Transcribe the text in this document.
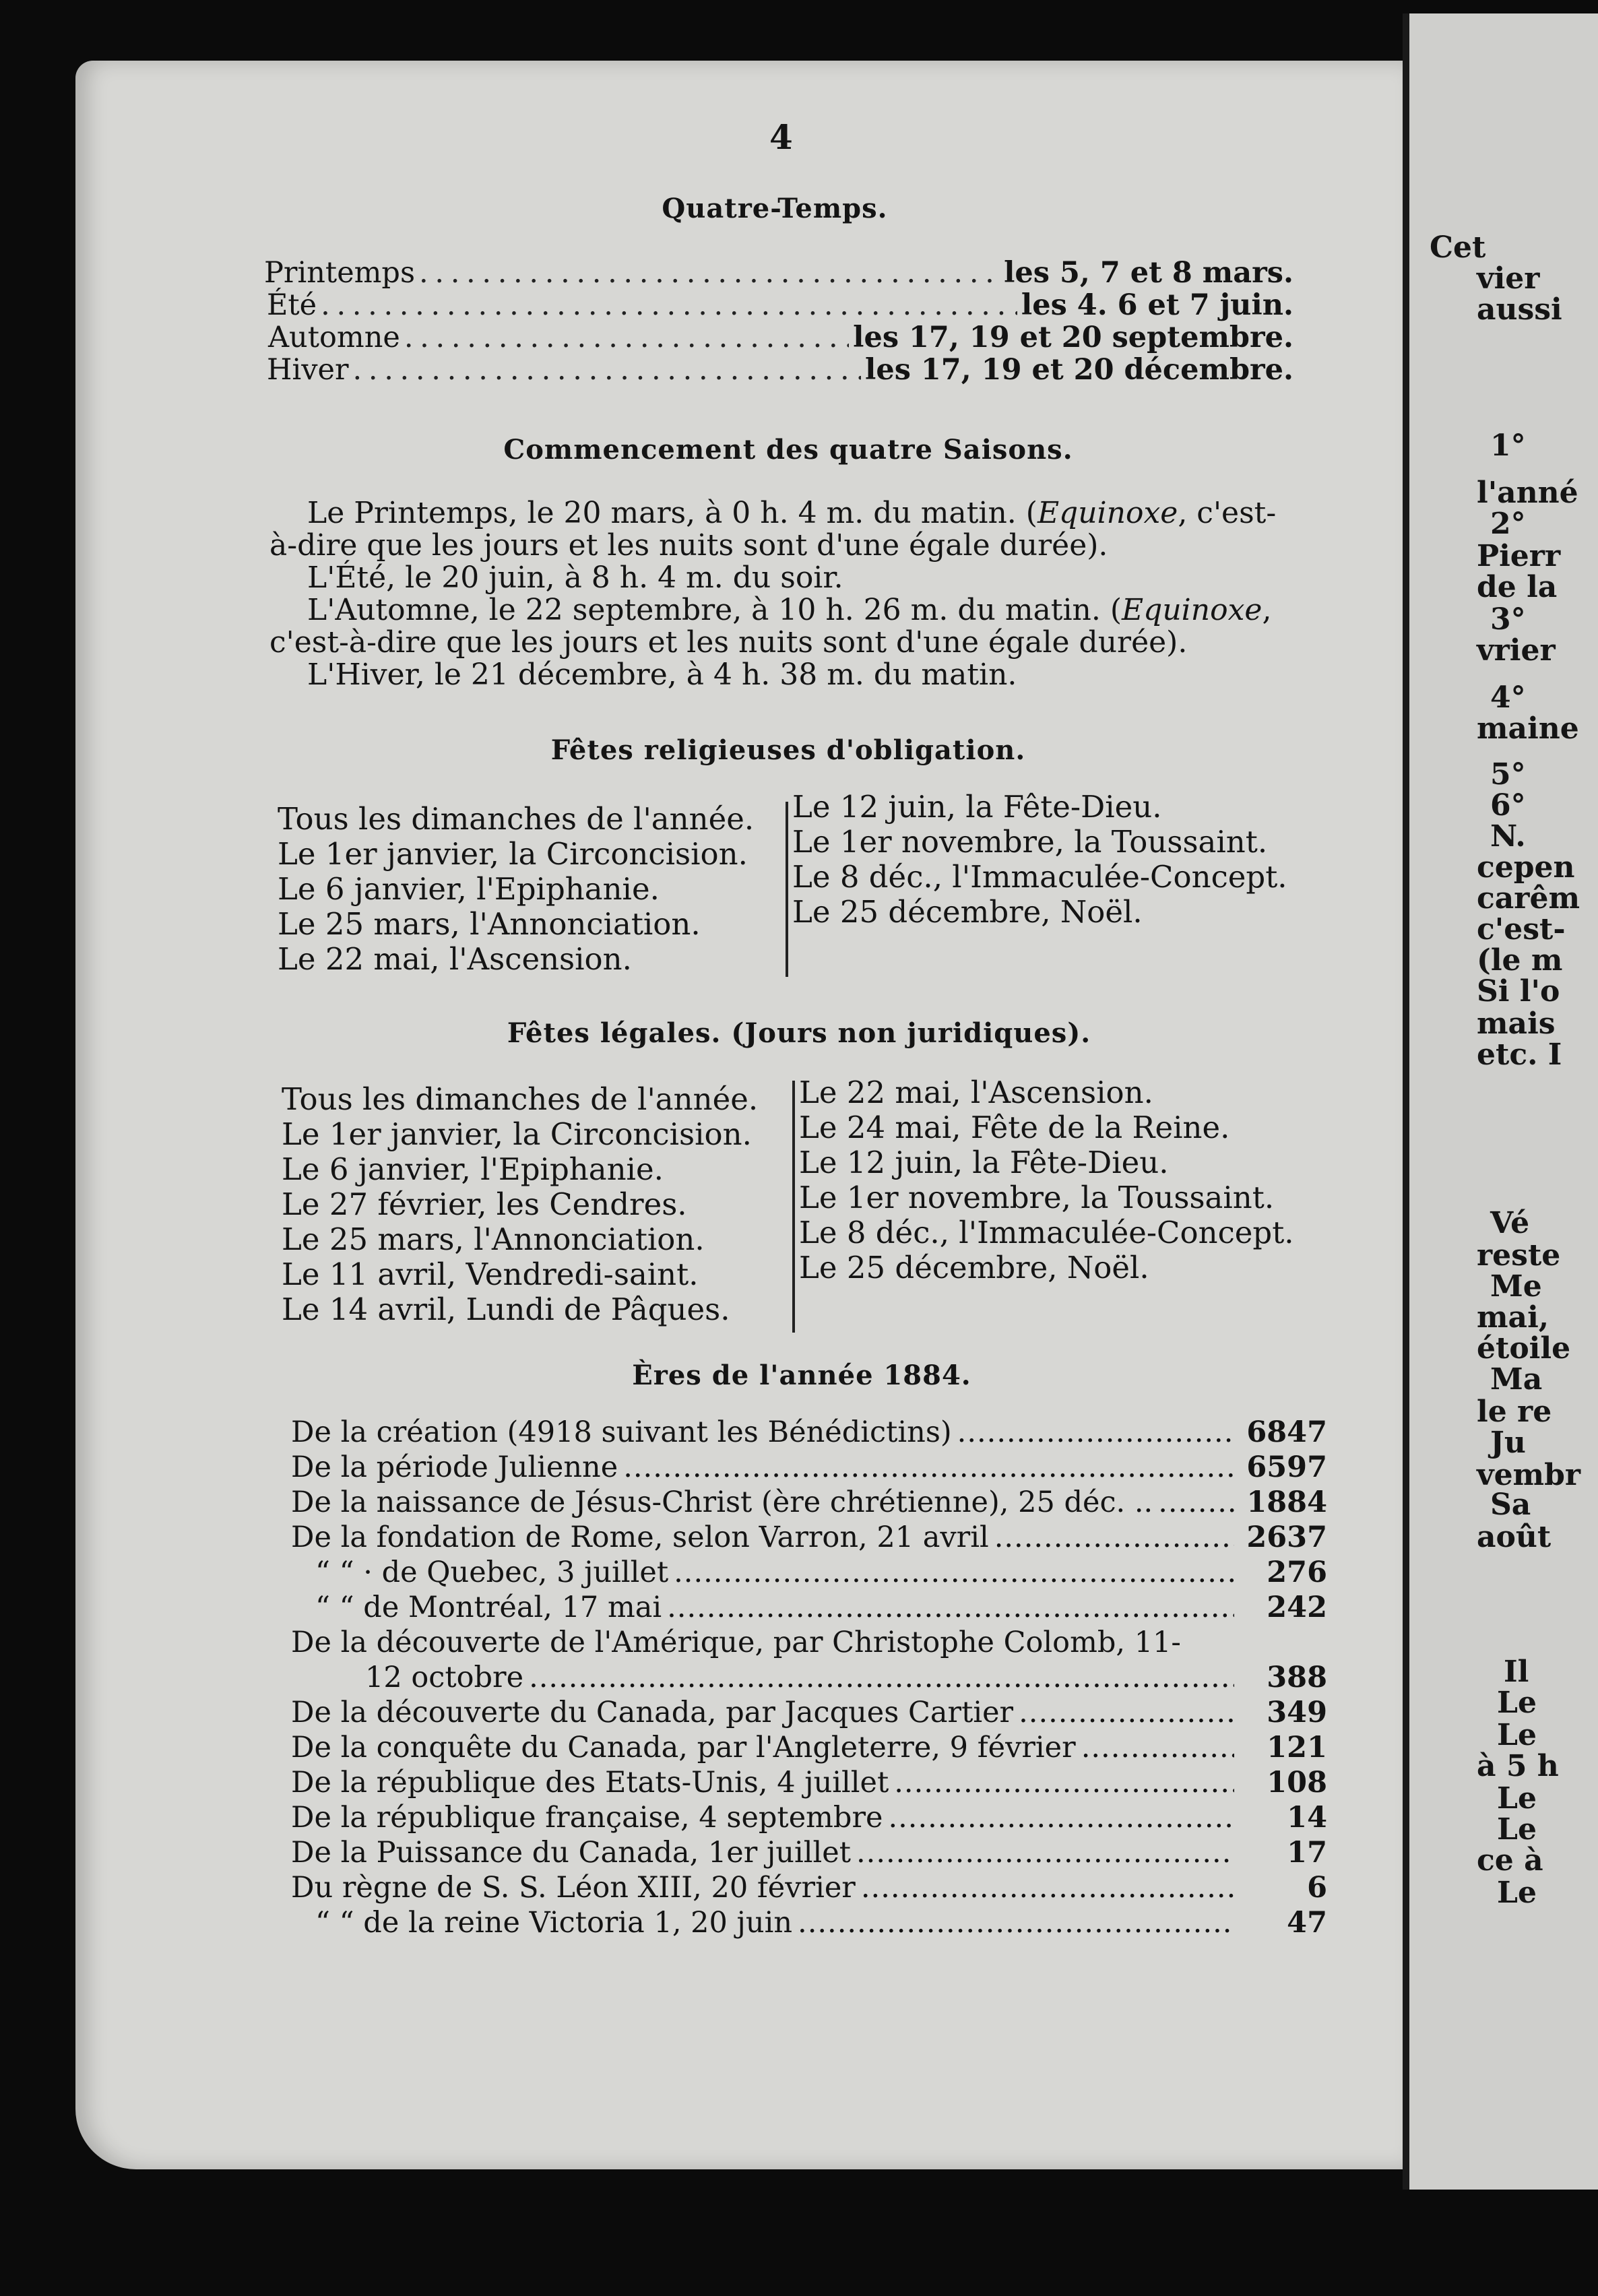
Cet
vier
aussi
1°
l'anné
2°
Pierr
de la
3°
vrier
4°
maine
5°
6°
N.
cepen
carêm
c'est-
(le m
Si l'o
mais
etc. I
Vé
reste
Me
mai,
étoile
Ma
le re
Ju
vembr
Sa
août
Il
Le
Le
à 5 h
Le
Le
ce à
Le
4
Quatre-Temps.
Printemps . . .	les 5, 7 et 8 mars.
Été . . .	les 4. 6 et 7 juin.
Automne . . .	les 17, 19 et 20 septembre.
Hiver . . .	les 17, 19 et 20 décembre.
Commencement des quatre Saisons.
Le Printemps, le 20 mars, à 0 h. 4 m. du matin. (Equinoxe, c'est-
à-dire que les jours et les nuits sont d'une égale durée).
L'Été, le 20 juin, à 8 h. 4 m. du soir.
L'Automne, le 22 septembre, à 10 h. 26 m. du matin. (Equinoxe,
c'est-à-dire que les jours et les nuits sont d'une égale durée).
L'Hiver, le 21 décembre, à 4 h. 38 m. du matin.
Fêtes religieuses d'obligation.
Tous les dimanches de l'année.
Le 1er janvier, la Circoncision.
Le 6 janvier, l'Epiphanie.
Le 25 mars, l'Annonciation.
Le 22 mai, l'Ascension.
Le 12 juin, la Fête-Dieu.
Le 1er novembre, la Toussaint.
Le 8 déc., l'Immaculée-Concept.
Le 25 décembre, Noël.
Fêtes légales. (Jours non juridiques).
Tous les dimanches de l'année.
Le 1er janvier, la Circoncision.
Le 6 janvier, l'Epiphanie.
Le 27 février, les Cendres.
Le 25 mars, l'Annonciation.
Le 11 avril, Vendredi-saint.
Le 14 avril, Lundi de Pâques.
Le 22 mai, l'Ascension.
Le 24 mai, Fête de la Reine.
Le 12 juin, la Fête-Dieu.
Le 1er novembre, la Toussaint.
Le 8 déc., l'Immaculée-Concept.
Le 25 décembre, Noël.
Ères de l'année 1884.
De la création (4918 suivant les Bénédictins) .....	6847
De la période Julienne .....	6597
De la naissance de Jésus-Christ (ère chrétienne), 25 déc. .. .....	1884
De la fondation de Rome, selon Varron, 21 avril .....	2637
“ “ · de Quebec, 3 juillet .....	276
“ “ de Montréal, 17 mai .....	242
De la découverte de l'Amérique, par Christophe Colomb, 11-
12 octobre .....	388
De la découverte du Canada, par Jacques Cartier .....	349
De la conquête du Canada, par l'Angleterre, 9 février .....	121
De la république des Etats-Unis, 4 juillet .....	108
De la république française, 4 septembre .....	14
De la Puissance du Canada, 1er juillet .....	17
Du règne de S. S. Léon XIII, 20 février .....	6
“ “ de la reine Victoria 1, 20 juin .....	47
